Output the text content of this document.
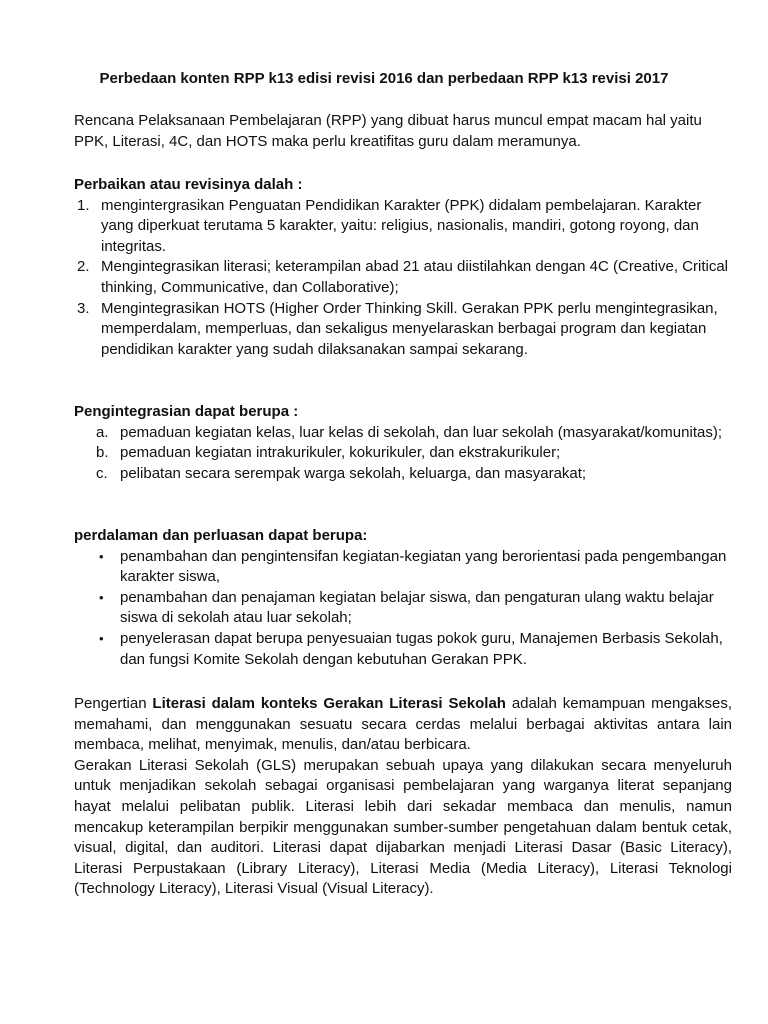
Perbedaan konten RPP k13 edisi revisi 2016 dan perbedaan RPP k13 revisi 2017

Rencana Pelaksanaan Pembelajaran (RPP) yang dibuat harus muncul empat macam hal yaitu PPK, Literasi, 4C, dan HOTS maka perlu kreatifitas guru dalam meramunya.

Perbaikan atau revisinya dalah :
1. mengintergrasikan Penguatan Pendidikan Karakter (PPK) didalam pembelajaran. Karakter yang diperkuat terutama 5 karakter, yaitu: religius, nasionalis, mandiri, gotong royong, dan integritas.
2. Mengintegrasikan literasi; keterampilan abad 21 atau diistilahkan dengan 4C (Creative, Critical thinking, Communicative, dan Collaborative);
3. Mengintegrasikan HOTS (Higher Order Thinking Skill. Gerakan PPK perlu mengintegrasikan, memperdalam, memperluas, dan sekaligus menyelaraskan berbagai program dan kegiatan pendidikan karakter yang sudah dilaksanakan sampai sekarang.
Pengintegrasian dapat berupa :
a. pemaduan kegiatan kelas, luar kelas di sekolah, dan luar sekolah (masyarakat/komunitas);
b. pemaduan kegiatan intrakurikuler, kokurikuler, dan ekstrakurikuler;
c. pelibatan secara serempak warga sekolah, keluarga, dan masyarakat;
perdalaman dan perluasan dapat berupa:
• penambahan dan pengintensifan kegiatan-kegiatan yang berorientasi pada pengembangan karakter siswa,
• penambahan dan penajaman kegiatan belajar siswa, dan pengaturan ulang waktu belajar siswa di sekolah atau luar sekolah;
• penyelerasan dapat berupa penyesuaian tugas pokok guru, Manajemen Berbasis Sekolah, dan fungsi Komite Sekolah dengan kebutuhan Gerakan PPK.

Pengertian Literasi dalam konteks Gerakan Literasi Sekolah adalah kemampuan mengakses, memahami, dan menggunakan sesuatu secara cerdas melalui berbagai aktivitas antara lain membaca, melihat, menyimak, menulis, dan/atau berbicara.

Gerakan Literasi Sekolah (GLS) merupakan sebuah upaya yang dilakukan secara menyeluruh untuk menjadikan sekolah sebagai organisasi pembelajaran yang warganya literat sepanjang hayat melalui pelibatan publik. Literasi lebih dari sekadar membaca dan menulis, namun mencakup keterampilan berpikir menggunakan sumber-sumber pengetahuan dalam bentuk cetak, visual, digital, dan auditori. Literasi dapat dijabarkan menjadi Literasi Dasar (Basic Literacy), Literasi Perpustakaan (Library Literacy), Literasi Media (Media Literacy), Literasi Teknologi (Technology Literacy), Literasi Visual (Visual Literacy).
